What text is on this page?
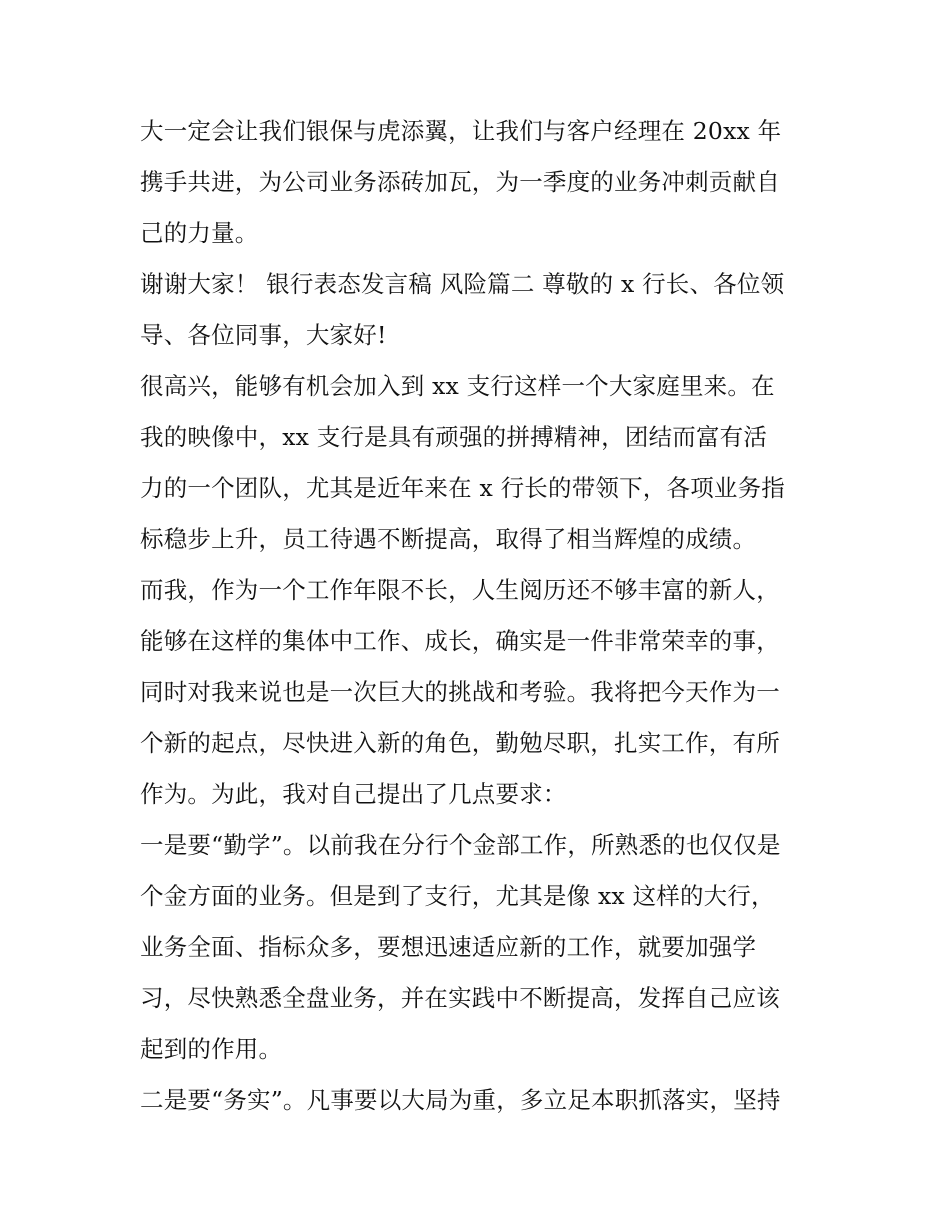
大一定会让我们银保与虎添翼，让我们与客户经理在 20xx 年
携手共进，为公司业务添砖加瓦，为一季度的业务冲刺贡献自
己的力量。
谢谢大家！ 银行表态发言稿 风险篇二 尊敬的 x 行长、各位领
导、各位同事，大家好!
很高兴，能够有机会加入到 xx 支行这样一个大家庭里来。在
我的映像中，xx 支行是具有顽强的拼搏精神，团结而富有活
力的一个团队，尤其是近年来在 x 行长的带领下，各项业务指
标稳步上升，员工待遇不断提高，取得了相当辉煌的成绩。
而我，作为一个工作年限不长，人生阅历还不够丰富的新人，
能够在这样的集体中工作、成长，确实是一件非常荣幸的事，
同时对我来说也是一次巨大的挑战和考验。我将把今天作为一
个新的起点，尽快进入新的角色，勤勉尽职，扎实工作，有所
作为。为此，我对自己提出了几点要求：
一是要“勤学”。以前我在分行个金部工作，所熟悉的也仅仅是
个金方面的业务。但是到了支行，尤其是像 xx 这样的大行，
业务全面、指标众多，要想迅速适应新的工作，就要加强学
习，尽快熟悉全盘业务，并在实践中不断提高，发挥自己应该
起到的作用。
二是要“务实”。凡事要以大局为重，多立足本职抓落实，坚持
